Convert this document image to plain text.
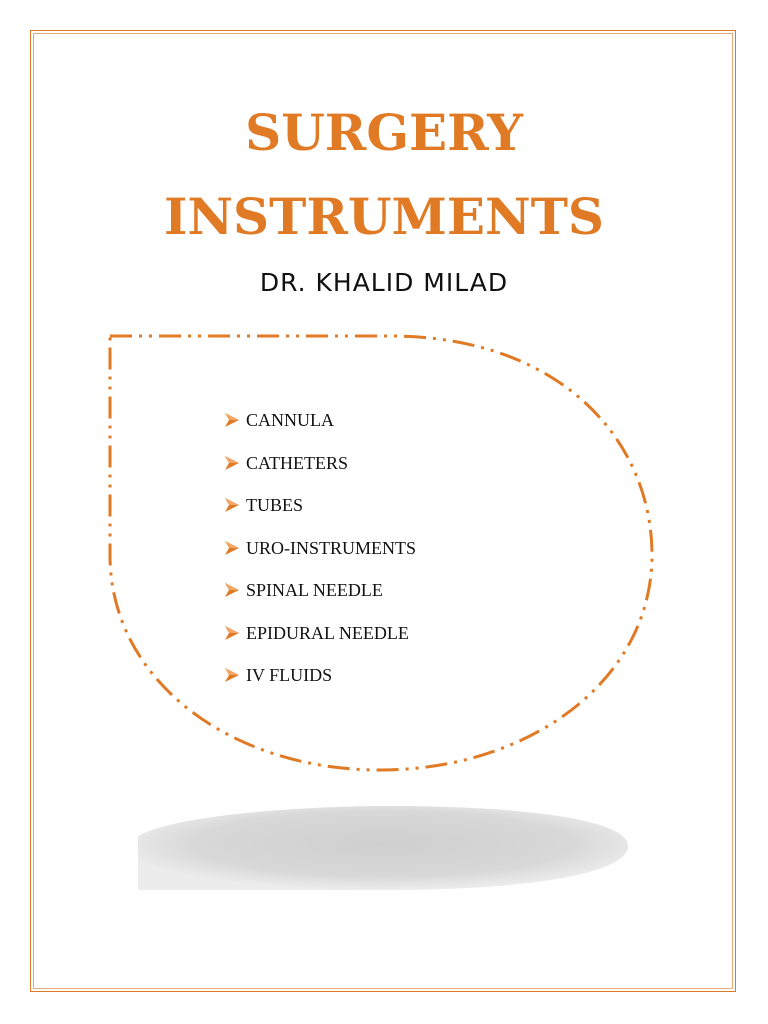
SURGERY
INSTRUMENTS
DR. KHALID MILAD
CANNULA
CATHETERS
TUBES
URO-INSTRUMENTS
SPINAL NEEDLE
EPIDURAL NEEDLE
IV FLUIDS
